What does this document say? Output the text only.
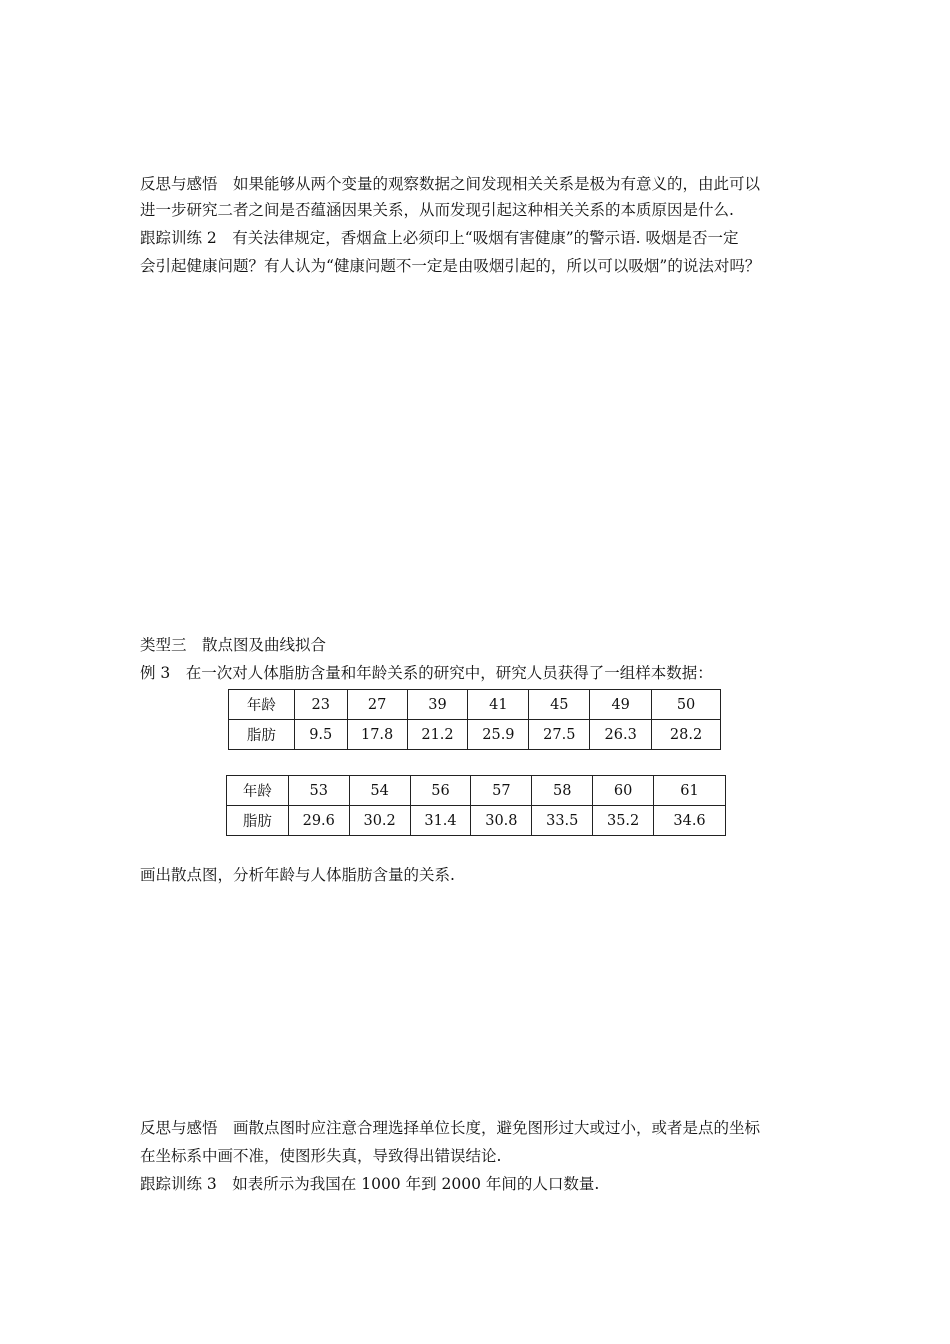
反思与感悟　如果能够从两个变量的观察数据之间发现相关关系是极为有意义的，由此可以
进一步研究二者之间是否蕴涵因果关系，从而发现引起这种相关关系的本质原因是什么.
跟踪训练 2　有关法律规定，香烟盒上必须印上“吸烟有害健康”的警示语. 吸烟是否一定
会引起健康问题？有人认为“健康问题不一定是由吸烟引起的，所以可以吸烟”的说法对吗？
类型三　散点图及曲线拟合
例 3　在一次对人体脂肪含量和年龄关系的研究中，研究人员获得了一组样本数据：
年龄	23	27	39	41	45	49	50
脂肪	9.5	17.8	21.2	25.9	27.5	26.3	28.2
年龄	53	54	56	57	58	60	61
脂肪	29.6	30.2	31.4	30.8	33.5	35.2	34.6
画出散点图，分析年龄与人体脂肪含量的关系.
反思与感悟　画散点图时应注意合理选择单位长度，避免图形过大或过小，或者是点的坐标
在坐标系中画不准，使图形失真，导致得出错误结论.
跟踪训练 3　如表所示为我国在 1000 年到 2000 年间的人口数量.
